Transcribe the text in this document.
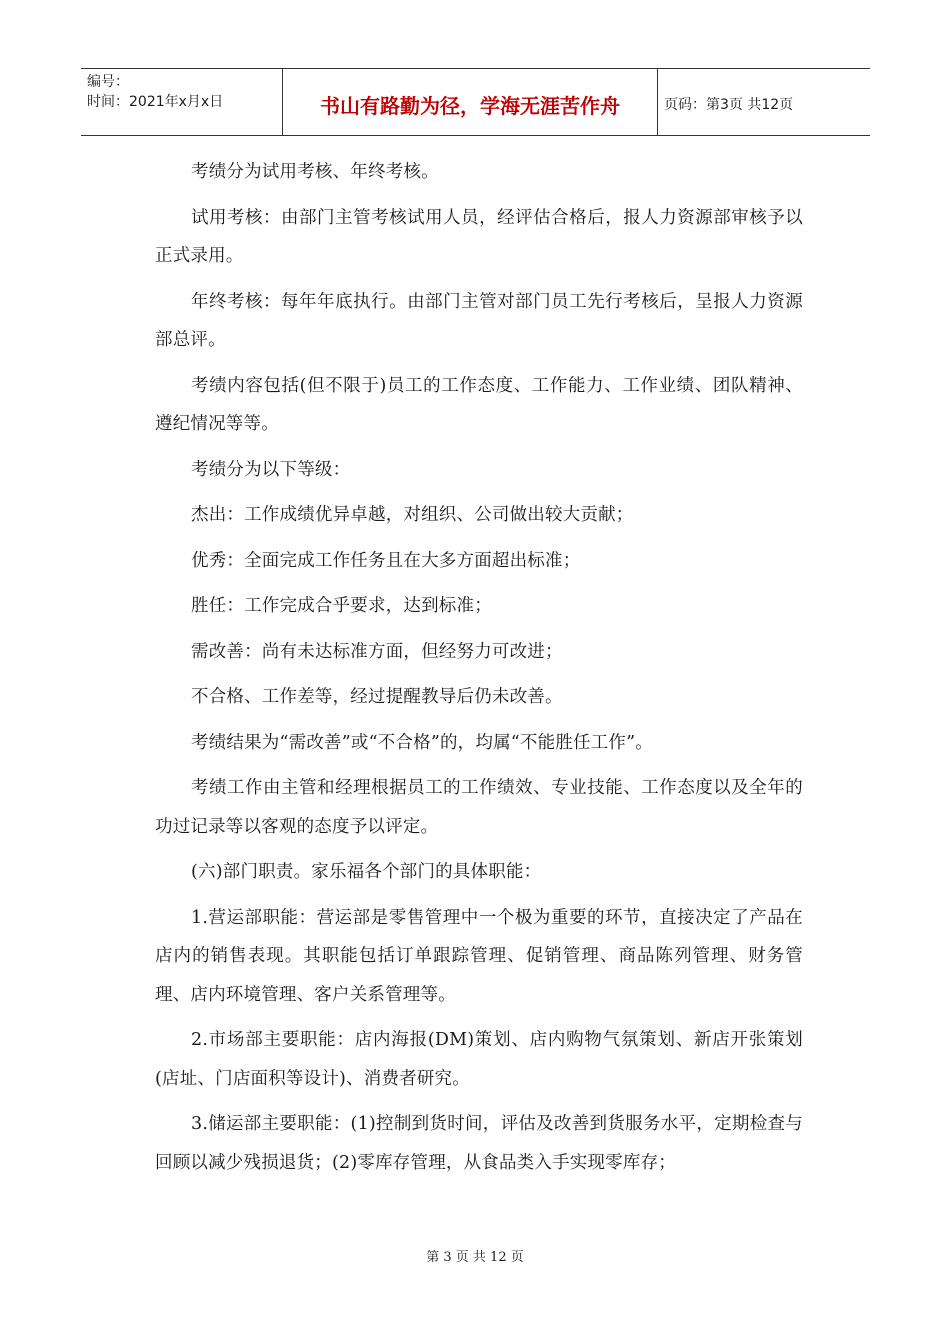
编号：
时间：2021年x月x日	书山有路勤为径，学海无涯苦作舟	页码：第3页 共12页

考绩分为试用考核、年终考核。

试用考核：由部门主管考核试用人员，经评估合格后，报人力资源部审核予以正式录用。

年终考核：每年年底执行。由部门主管对部门员工先行考核后，呈报人力资源部总评。

考绩内容包括(但不限于)员工的工作态度、工作能力、工作业绩、团队精神、遵纪情况等等。

考绩分为以下等级：

杰出：工作成绩优异卓越，对组织、公司做出较大贡献；

优秀：全面完成工作任务且在大多方面超出标准；

胜任：工作完成合乎要求，达到标准；

需改善：尚有未达标准方面，但经努力可改进；

不合格、工作差等，经过提醒教导后仍未改善。

考绩结果为“需改善”或“不合格”的，均属“不能胜任工作”。

考绩工作由主管和经理根据员工的工作绩效、专业技能、工作态度以及全年的功过记录等以客观的态度予以评定。

(六)部门职责。家乐福各个部门的具体职能：

1.营运部职能：营运部是零售管理中一个极为重要的环节，直接决定了产品在店内的销售表现。其职能包括订单跟踪管理、促销管理、商品陈列管理、财务管理、店内环境管理、客户关系管理等。

2.市场部主要职能：店内海报(DM)策划、店内购物气氛策划、新店开张策划(店址、门店面积等设计)、消费者研究。

3.储运部主要职能：(1)控制到货时间，评估及改善到货服务水平，定期检查与回顾以减少残损退货；(2)零库存管理，从食品类入手实现零库存；

第 3 页 共 12 页
